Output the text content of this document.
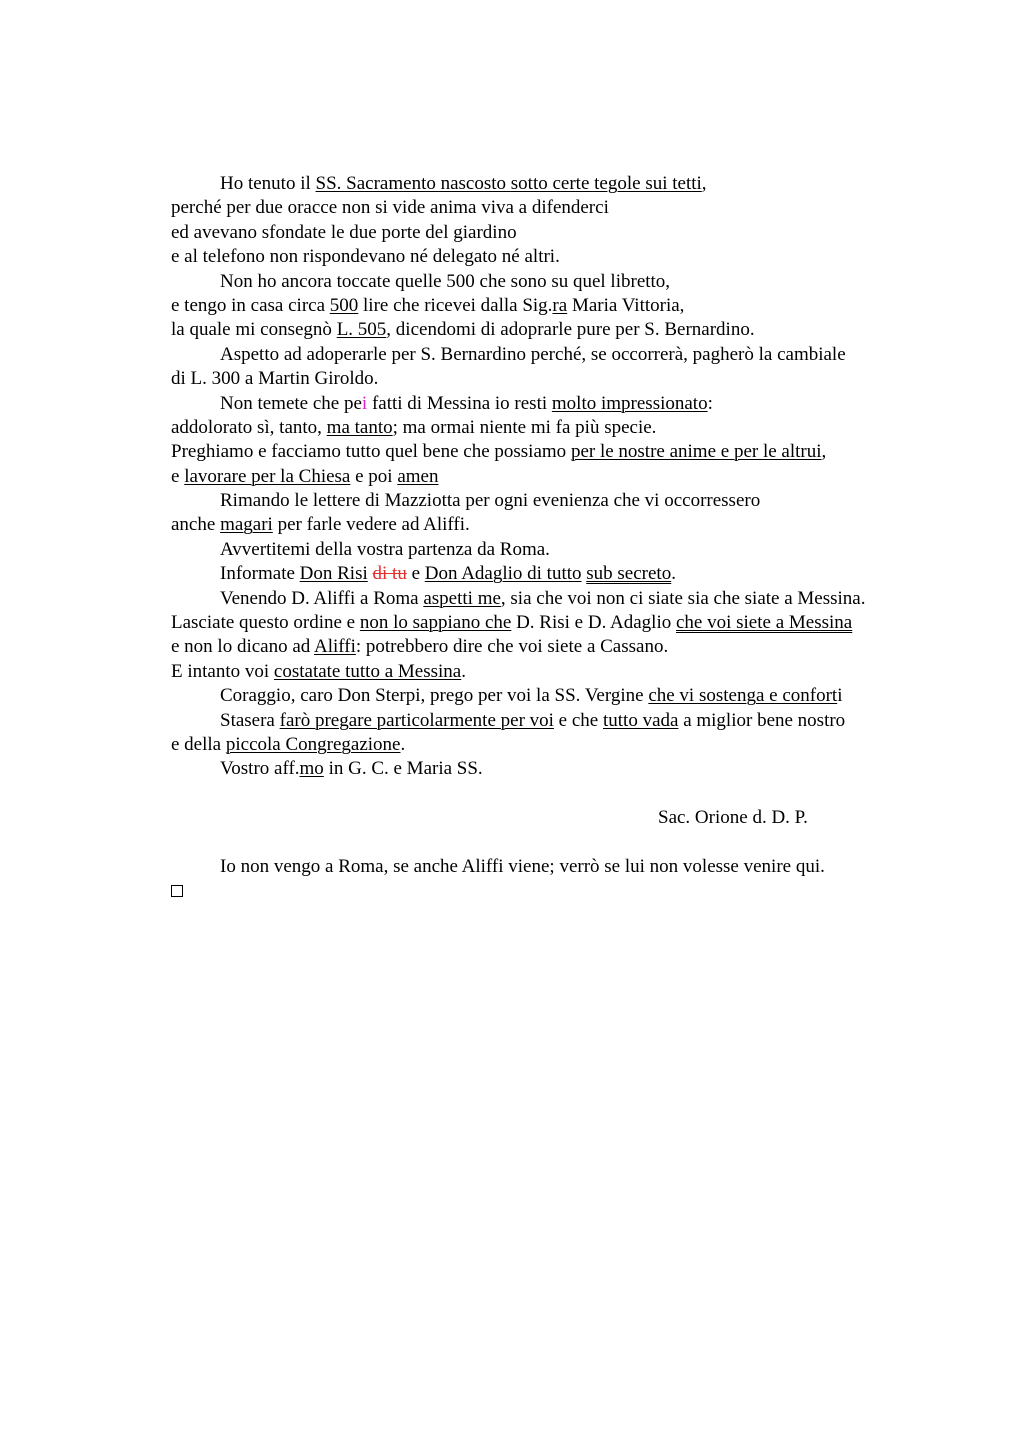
Ho tenuto il SS. Sacramento nascosto sotto certe tegole sui tetti,
perché per due oracce non si vide anima viva a difenderci
ed avevano sfondate le due porte del giardino
e al telefono non rispondevano né delegato né altri.
Non ho ancora toccate quelle 500 che sono su quel libretto,
e tengo in casa circa 500 lire che ricevei dalla Sig.ra Maria Vittoria,
la quale mi consegnò L. 505, dicendomi di adoprarle pure per S. Bernardino.
Aspetto ad adoperarle per S. Bernardino perché, se occorrerà, pagherò la cambiale
di L. 300 a Martin Giroldo.
Non temete che pei fatti di Messina io resti molto impressionato:
addolorato sì, tanto, ma tanto; ma ormai niente mi fa più specie.
Preghiamo e facciamo tutto quel bene che possiamo per le nostre anime e per le altrui,
e lavorare per la Chiesa e poi amen
Rimando le lettere di Mazziotta per ogni evenienza che vi occorressero
anche magari per farle vedere ad Aliffi.
Avvertitemi della vostra partenza da Roma.
Informate Don Risi di tu e Don Adaglio di tutto sub secreto.
Venendo D. Aliffi a Roma aspetti me, sia che voi non ci siate sia che siate a Messina.
Lasciate questo ordine e non lo sappiano che D. Risi e D. Adaglio che voi siete a Messina
e non lo dicano ad Aliffi: potrebbero dire che voi siete a Cassano.
E intanto voi costatate tutto a Messina.
Coraggio, caro Don Sterpi, prego per voi la SS. Vergine che vi sostenga e conforti
Stasera farò pregare particolarmente per voi e che tutto vada a miglior bene nostro
e della piccola Congregazione.
Vostro aff.mo in G. C. e Maria SS.
Sac. Orione d. D. P.
Io non vengo a Roma, se anche Aliffi viene; verrò se lui non volesse venire qui.
